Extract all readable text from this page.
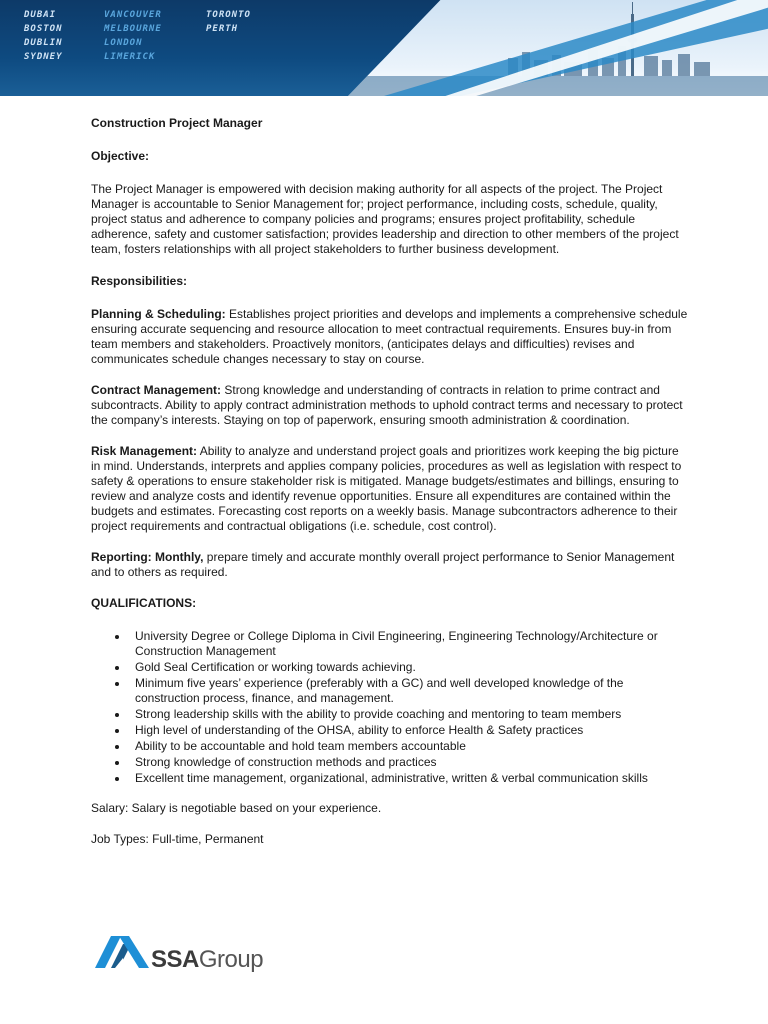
DUBAI	VANCOUVER	TORONTO
BOSTON	MELBOURNE	PERTH
DUBLIN	LONDON
SYDNEY	LIMERICK

Construction Project Manager

Objective:

The Project Manager is empowered with decision making authority for all aspects of the project. The Project Manager is accountable to Senior Management for; project performance, including costs, schedule, quality, project status and adherence to company policies and programs; ensures project profitability, schedule adherence, safety and customer satisfaction; provides leadership and direction to other members of the project team, fosters relationships with all project stakeholders to further business development.

Responsibilities:

Planning & Scheduling: Establishes project priorities and develops and implements a comprehensive schedule ensuring accurate sequencing and resource allocation to meet contractual requirements. Ensures buy-in from team members and stakeholders. Proactively monitors, (anticipates delays and difficulties) revises and communicates schedule changes necessary to stay on course.

Contract Management: Strong knowledge and understanding of contracts in relation to prime contract and subcontracts. Ability to apply contract administration methods to uphold contract terms and necessary to protect the company’s interests. Staying on top of paperwork, ensuring smooth administration & coordination.

Risk Management: Ability to analyze and understand project goals and prioritizes work keeping the big picture in mind. Understands, interprets and applies company policies, procedures as well as legislation with respect to safety & operations to ensure stakeholder risk is mitigated. Manage budgets/estimates and billings, ensuring to review and analyze costs and identify revenue opportunities. Ensure all expenditures are contained within the budgets and estimates. Forecasting cost reports on a weekly basis. Manage subcontractors adherence to their project requirements and contractual obligations (i.e. schedule, cost control).

Reporting: Monthly, prepare timely and accurate monthly overall project performance to Senior Management and to others as required.

QUALIFICATIONS:

University Degree or College Diploma in Civil Engineering, Engineering Technology/Architecture or Construction Management
Gold Seal Certification or working towards achieving.
Minimum five years’ experience (preferably with a GC) and well developed knowledge of the construction process, finance, and management.
Strong leadership skills with the ability to provide coaching and mentoring to team members
High level of understanding of the OHSA, ability to enforce Health & Safety practices
Ability to be accountable and hold team members accountable
Strong knowledge of construction methods and practices
Excellent time management, organizational, administrative, written & verbal communication skills

Salary: Salary is negotiable based on your experience.

Job Types: Full-time, Permanent

SSAGroup
